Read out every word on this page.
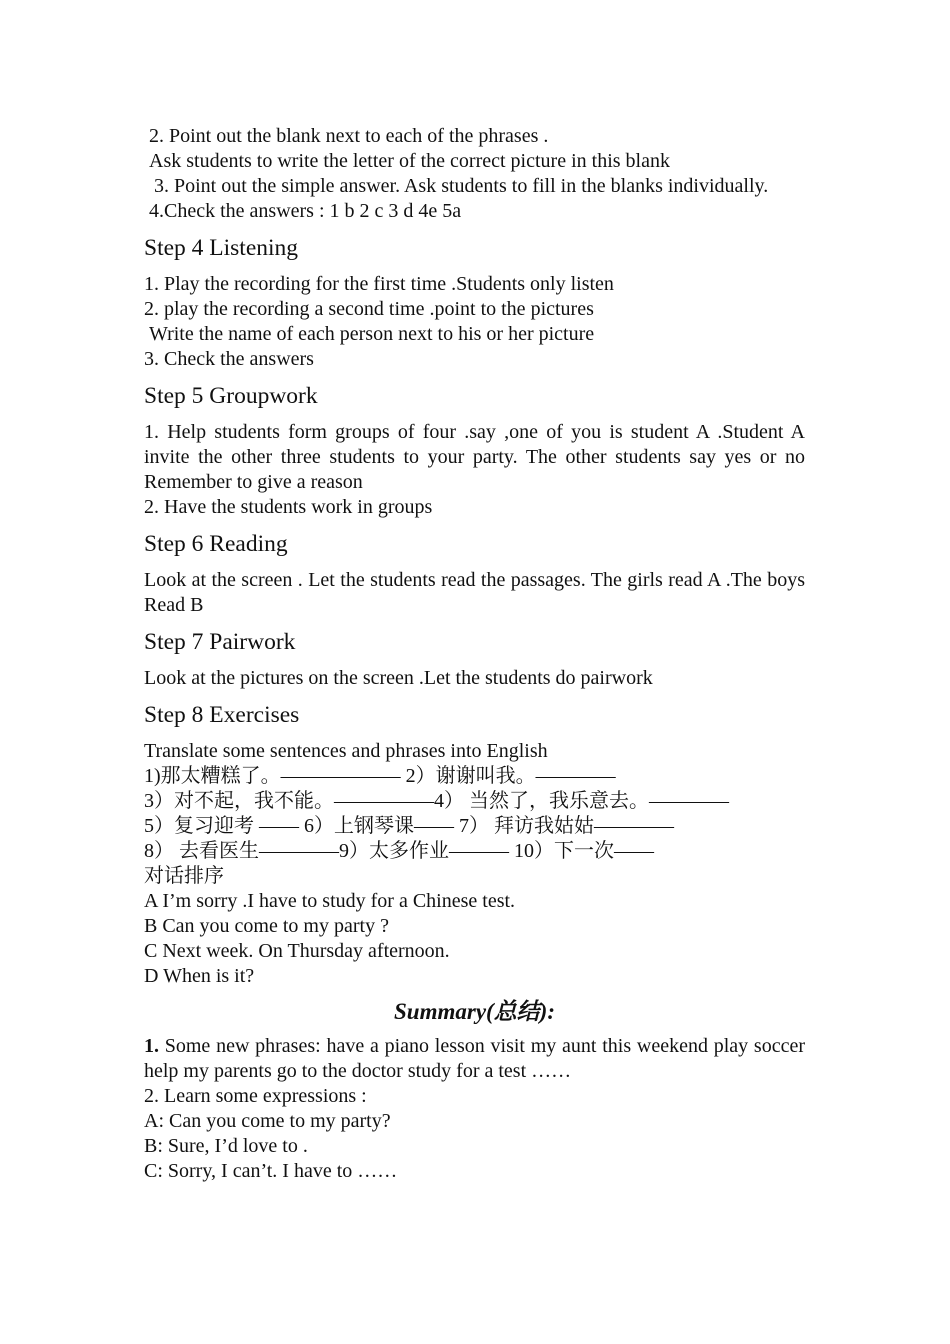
2. Point out the blank next to each of the phrases .
Ask students to write the letter of the correct picture in this blank
3. Point out the simple answer. Ask students to fill in the blanks individually.
4.Check the answers : 1 b 2 c 3 d 4e 5a
Step 4 Listening
1. Play the recording for the first time .Students only listen
2. play the recording a second time .point to the pictures
Write the name of each person next to his or her picture
3. Check the answers
Step 5 Groupwork
1. Help students form groups of four .say ,one of you is student A .Student A invite the other three students to your party. The other students say yes or no Remember to give a reason
2. Have the students work in groups
Step 6 Reading
Look at the screen . Let the students read the passages. The girls read A .The boys Read B
Step 7 Pairwork
Look at the pictures on the screen .Let the students do pairwork
Step 8 Exercises
Translate some sentences and phrases into English
1)那太糟糕了。—————— 2）谢谢叫我。————
3）对不起，我不能。—————4） 当然了，我乐意去。————
5）复习迎考 —— 6）上钢琴课—— 7） 拜访我姑姑————
8） 去看医生————9）太多作业——— 10）下一次——
对话排序
A I’m sorry .I have to study for a Chinese test.
B Can you come to my party ?
C Next week. On Thursday afternoon.
D When is it?
Summary(总结):
1. Some new phrases: have a piano lesson visit my aunt this weekend play soccer help my parents go to the doctor study for a test ……
2. Learn some expressions :
A: Can you come to my party?
B: Sure, I’d love to .
C: Sorry, I can’t. I have to ……
